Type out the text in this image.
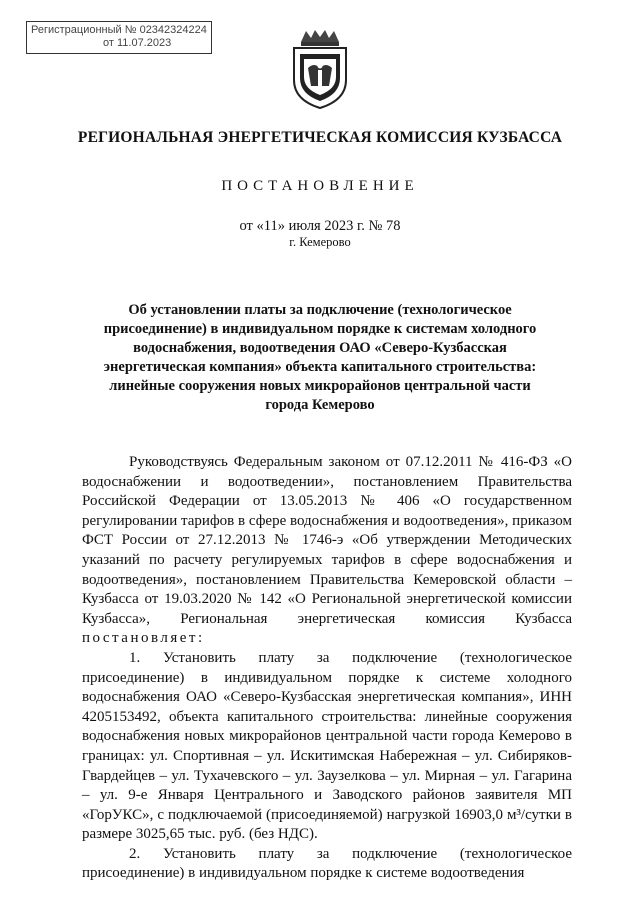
Регистрационный № 02342324224
от 11.07.2023
РЕГИОНАЛЬНАЯ ЭНЕРГЕТИЧЕСКАЯ КОМИССИЯ КУЗБАССА
ПОСТАНОВЛЕНИЕ
от «11» июля 2023 г. № 78
г. Кемерово
Об установлении платы за подключение (технологическое присоединение) в индивидуальном порядке к системам холодного водоснабжения, водоотведения ОАО «Северо-Кузбасская энергетическая компания» объекта капитального строительства: линейные сооружения новых микрорайонов центральной части города Кемерово

Руководствуясь Федеральным законом от 07.12.2011 № 416-ФЗ «О водоснабжении и водоотведении», постановлением Правительства Российской Федерации от 13.05.2013 № 406 «О государственном регулировании тарифов в сфере водоснабжения и водоотведения», приказом ФСТ России от 27.12.2013 № 1746-э «Об утверждении Методических указаний по расчету регулируемых тарифов в сфере водоснабжения и водоотведения», постановлением Правительства Кемеровской области – Кузбасса от 19.03.2020 № 142 «О Региональной энергетической комиссии Кузбасса», Региональная энергетическая комиссия Кузбасса постановляет:

1. Установить плату за подключение (технологическое присоединение) в индивидуальном порядке к системе холодного водоснабжения ОАО «Северо-Кузбасская энергетическая компания», ИНН 4205153492, объекта капитального строительства: линейные сооружения водоснабжения новых микрорайонов центральной части города Кемерово в границах: ул. Спортивная – ул. Искитимская Набережная – ул. Сибиряков-Гвардейцев – ул. Тухачевского – ул. Заузелкова – ул. Мирная – ул. Гагарина – ул. 9-е Января Центрального и Заводского районов заявителя МП «ГорУКС», с подключаемой (присоединяемой) нагрузкой 16903,0 м³/сутки в размере 3025,65 тыс. руб. (без НДС).

2. Установить плату за подключение (технологическое присоединение) в индивидуальном порядке к системе водоотведения
